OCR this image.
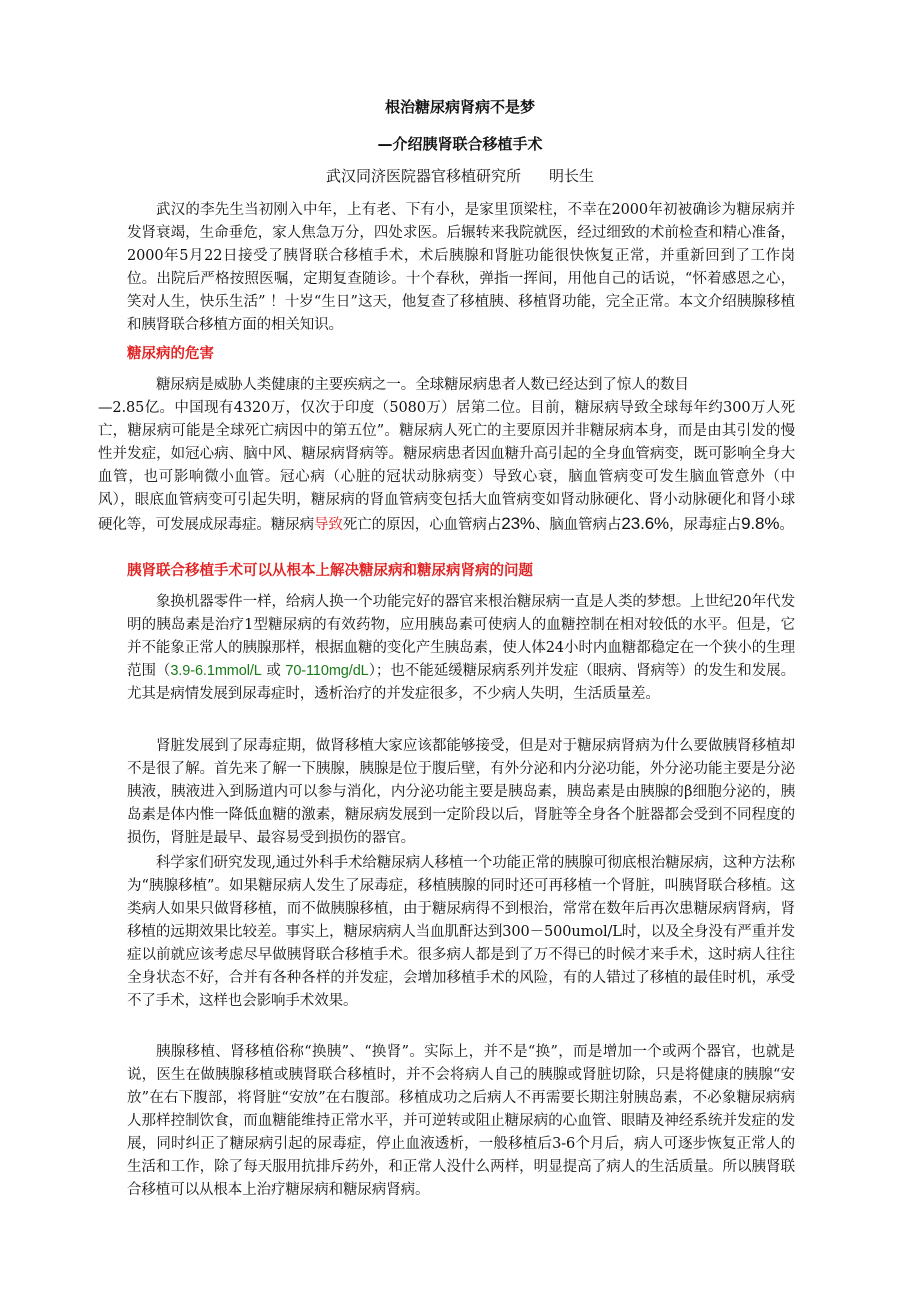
根治糖尿病肾病不是梦
—介绍胰肾联合移植手术
武汉同济医院器官移植研究所 明长生
武汉的李先生当初刚入中年，上有老、下有小，是家里顶梁柱，不幸在2000年初被确诊为糖尿病并发肾衰竭，生命垂危，家人焦急万分，四处求医。后辗转来我院就医，经过细致的术前检查和精心准备，2000年5月22日接受了胰肾联合移植手术，术后胰腺和肾脏功能很快恢复正常，并重新回到了工作岗位。出院后严格按照医嘱，定期复查随诊。十个春秋，弹指一挥间，用他自己的话说，“怀着感恩之心，笑对人生，快乐生活” ！十岁“生日”这天，他复查了移植胰、移植肾功能，完全正常。本文介绍胰腺移植和胰肾联合移植方面的相关知识。
糖尿病的危害
糖尿病是威胁人类健康的主要疾病之一。全球糖尿病患者人数已经达到了惊人的数目
—2.85亿。中国现有4320万，仅次于印度（5080万）居第二位。目前，糖尿病导致全球每年约300万人死亡，糖尿病可能是全球死亡病因中的第五位”。糖尿病人死亡的主要原因并非糖尿病本身，而是由其引发的慢性并发症，如冠心病、脑中风、糖尿病肾病等。糖尿病患者因血糖升高引起的全身血管病变，既可影响全身大血管，也可影响微小血管。冠心病（心脏的冠状动脉病变）导致心衰，脑血管病变可发生脑血管意外（中风），眼底血管病变可引起失明，糖尿病的肾血管病变包括大血管病变如肾动脉硬化、肾小动脉硬化和肾小球硬化等，可发展成尿毒症。糖尿病导致死亡的原因，心血管病占23%、脑血管病占23.6%，尿毒症占9.8%。
胰肾联合移植手术可以从根本上解决糖尿病和糖尿病肾病的问题
象换机器零件一样，给病人换一个功能完好的器官来根治糖尿病一直是人类的梦想。上世纪20年代发明的胰岛素是治疗1型糖尿病的有效药物，应用胰岛素可使病人的血糖控制在相对较低的水平。但是，它并不能象正常人的胰腺那样，根据血糖的变化产生胰岛素，使人体24小时内血糖都稳定在一个狭小的生理范围（3.9-6.1mmol/L 或 70-110mg/dL）；也不能延缓糖尿病系列并发症（眼病、肾病等）的发生和发展。尤其是病情发展到尿毒症时，透析治疗的并发症很多，不少病人失明，生活质量差。
肾脏发展到了尿毒症期，做肾移植大家应该都能够接受，但是对于糖尿病肾病为什么要做胰肾移植却不是很了解。首先来了解一下胰腺，胰腺是位于腹后壁，有外分泌和内分泌功能，外分泌功能主要是分泌胰液，胰液进入到肠道内可以参与消化，内分泌功能主要是胰岛素，胰岛素是由胰腺的β细胞分泌的，胰岛素是体内惟一降低血糖的激素，糖尿病发展到一定阶段以后，肾脏等全身各个脏器都会受到不同程度的损伤，肾脏是最早、最容易受到损伤的器官。
科学家们研究发现,通过外科手术给糖尿病人移植一个功能正常的胰腺可彻底根治糖尿病，这种方法称为“胰腺移植”。如果糖尿病人发生了尿毒症，移植胰腺的同时还可再移植一个肾脏，叫胰肾联合移植。这类病人如果只做肾移植，而不做胰腺移植，由于糖尿病得不到根治，常常在数年后再次患糖尿病肾病，肾移植的远期效果比较差。事实上，糖尿病病人当血肌酐达到300－500umol/L时，以及全身没有严重并发症以前就应该考虑尽早做胰肾联合移植手术。很多病人都是到了万不得已的时候才来手术，这时病人往往全身状态不好，合并有各种各样的并发症，会增加移植手术的风险，有的人错过了移植的最佳时机，承受不了手术，这样也会影响手术效果。
胰腺移植、肾移植俗称“换胰”、“换肾”。实际上，并不是“换”，而是增加一个或两个器官，也就是说，医生在做胰腺移植或胰肾联合移植时，并不会将病人自己的胰腺或肾脏切除，只是将健康的胰腺“安放”在右下腹部，将肾脏“安放”在右腹部。移植成功之后病人不再需要长期注射胰岛素，不必象糖尿病病人那样控制饮食，而血糖能维持正常水平，并可逆转或阻止糖尿病的心血管、眼睛及神经系统并发症的发展，同时纠正了糖尿病引起的尿毒症，停止血液透析，一般移植后3-6个月后，病人可逐步恢复正常人的生活和工作，除了每天服用抗排斥药外，和正常人没什么两样，明显提高了病人的生活质量。所以胰肾联合移植可以从根本上治疗糖尿病和糖尿病肾病。
